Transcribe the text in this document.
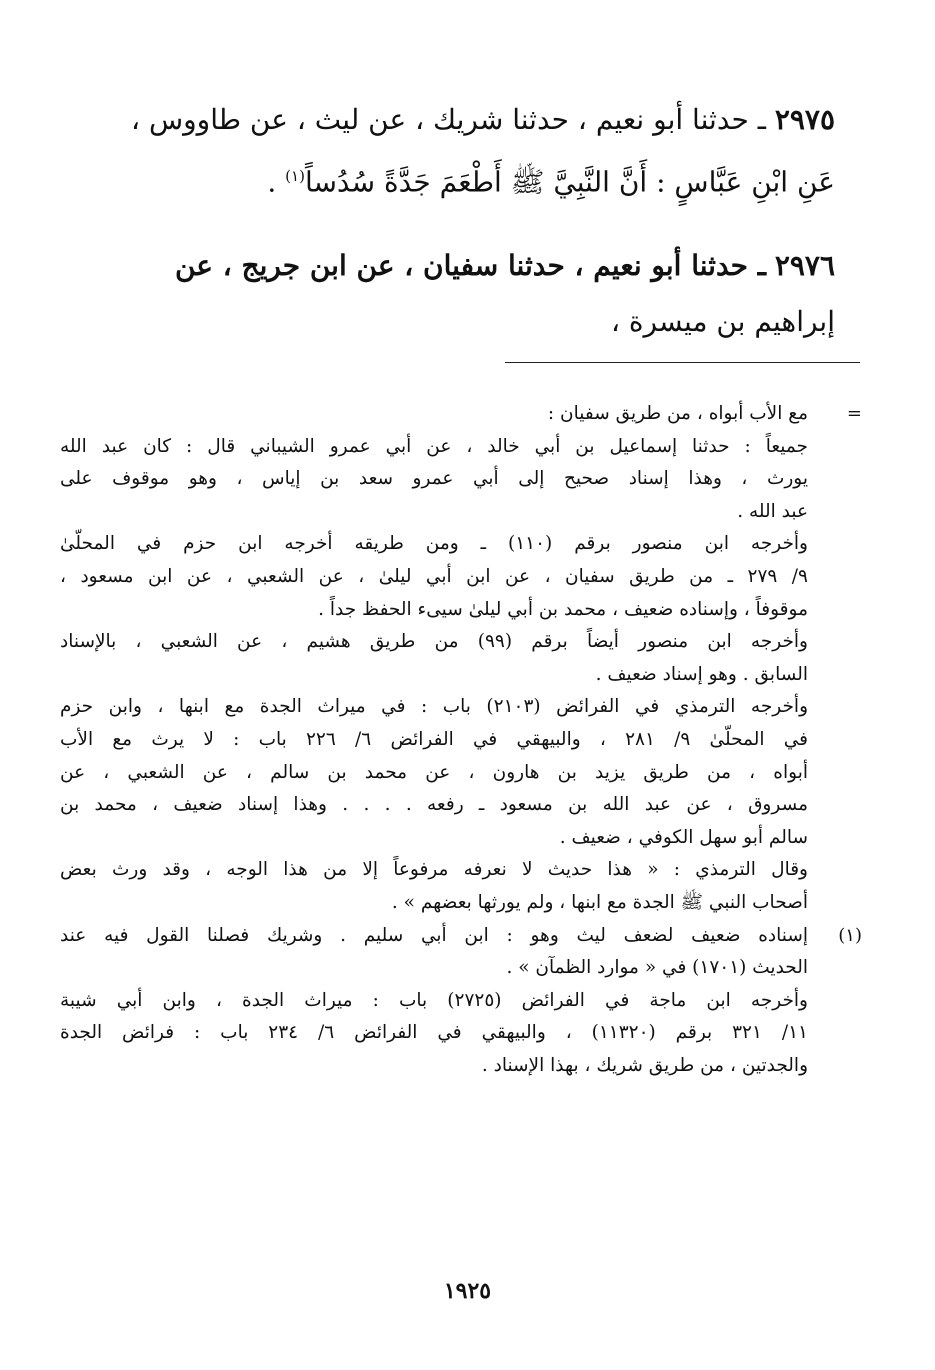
٢٩٧٥ ـ حدثنا أبو نعيم ، حدثنا شريك ، عن ليث ، عن طاووس ،
عَنِ ابْنِ عَبَّاسٍ : أَنَّ النَّبِيَّ ﷺ أَطْعَمَ جَدَّةً سُدُساً$^{(١)}$ .
٢٩٧٦ ـ حدثنا أبو نعيم ، حدثنا سفيان ، عن ابن جريج ، عن
إبراهيم بن ميسرة ،
=
مع الأب أبواه ، من طريق سفيان :
جميعاً : حدثنا إسماعيل بن أبي خالد ، عن أبي عمرو الشيباني قال : كان عبد الله
يورث ، وهذا إسناد صحيح إلى أبي عمرو سعد بن إياس ، وهو موقوف على
عبد الله .
وأخرجه ابن منصور برقم (١١٠) ـ ومن طريقه أخرجه ابن حزم في المحلّىٰ
٩/ ٢٧٩ ـ من طريق سفيان ، عن ابن أبي ليلىٰ ، عن الشعبي ، عن ابن مسعود ،
موقوفاً ، وإسناده ضعيف ، محمد بن أبي ليلىٰ سيىء الحفظ جداً .
وأخرجه ابن منصور أيضاً برقم (٩٩) من طريق هشيم ، عن الشعبي ، بالإسناد
السابق . وهو إسناد ضعيف .
وأخرجه الترمذي في الفرائض (٢١٠٣) باب : في ميراث الجدة مع ابنها ، وابن حزم
في المحلّىٰ ٩/ ٢٨١ ، والبيهقي في الفرائض ٦/ ٢٢٦ باب : لا يرث مع الأب
أبواه ، من طريق يزيد بن هارون ، عن محمد بن سالم ، عن الشعبي ، عن
مسروق ، عن عبد الله بن مسعود ـ رفعه . . . . وهذا إسناد ضعيف ، محمد بن
سالم أبو سهل الكوفي ، ضعيف .
وقال الترمذي : « هذا حديث لا نعرفه مرفوعاً إلا من هذا الوجه ، وقد ورث بعض
أصحاب النبي ﷺ الجدة مع ابنها ، ولم يورثها بعضهم » .
(١)
إسناده ضعيف لضعف ليث وهو : ابن أبي سليم . وشريك فصلنا القول فيه عند
الحديث (١٧٠١) في « موارد الظمآن » .
وأخرجه ابن ماجة في الفرائض (٢٧٢٥) باب : ميراث الجدة ، وابن أبي شيبة
١١/ ٣٢١ برقم (١١٣٢٠) ، والبيهقي في الفرائض ٦/ ٢٣٤ باب : فرائض الجدة
والجدتين ، من طريق شريك ، بهذا الإسناد .
١٩٢٥
